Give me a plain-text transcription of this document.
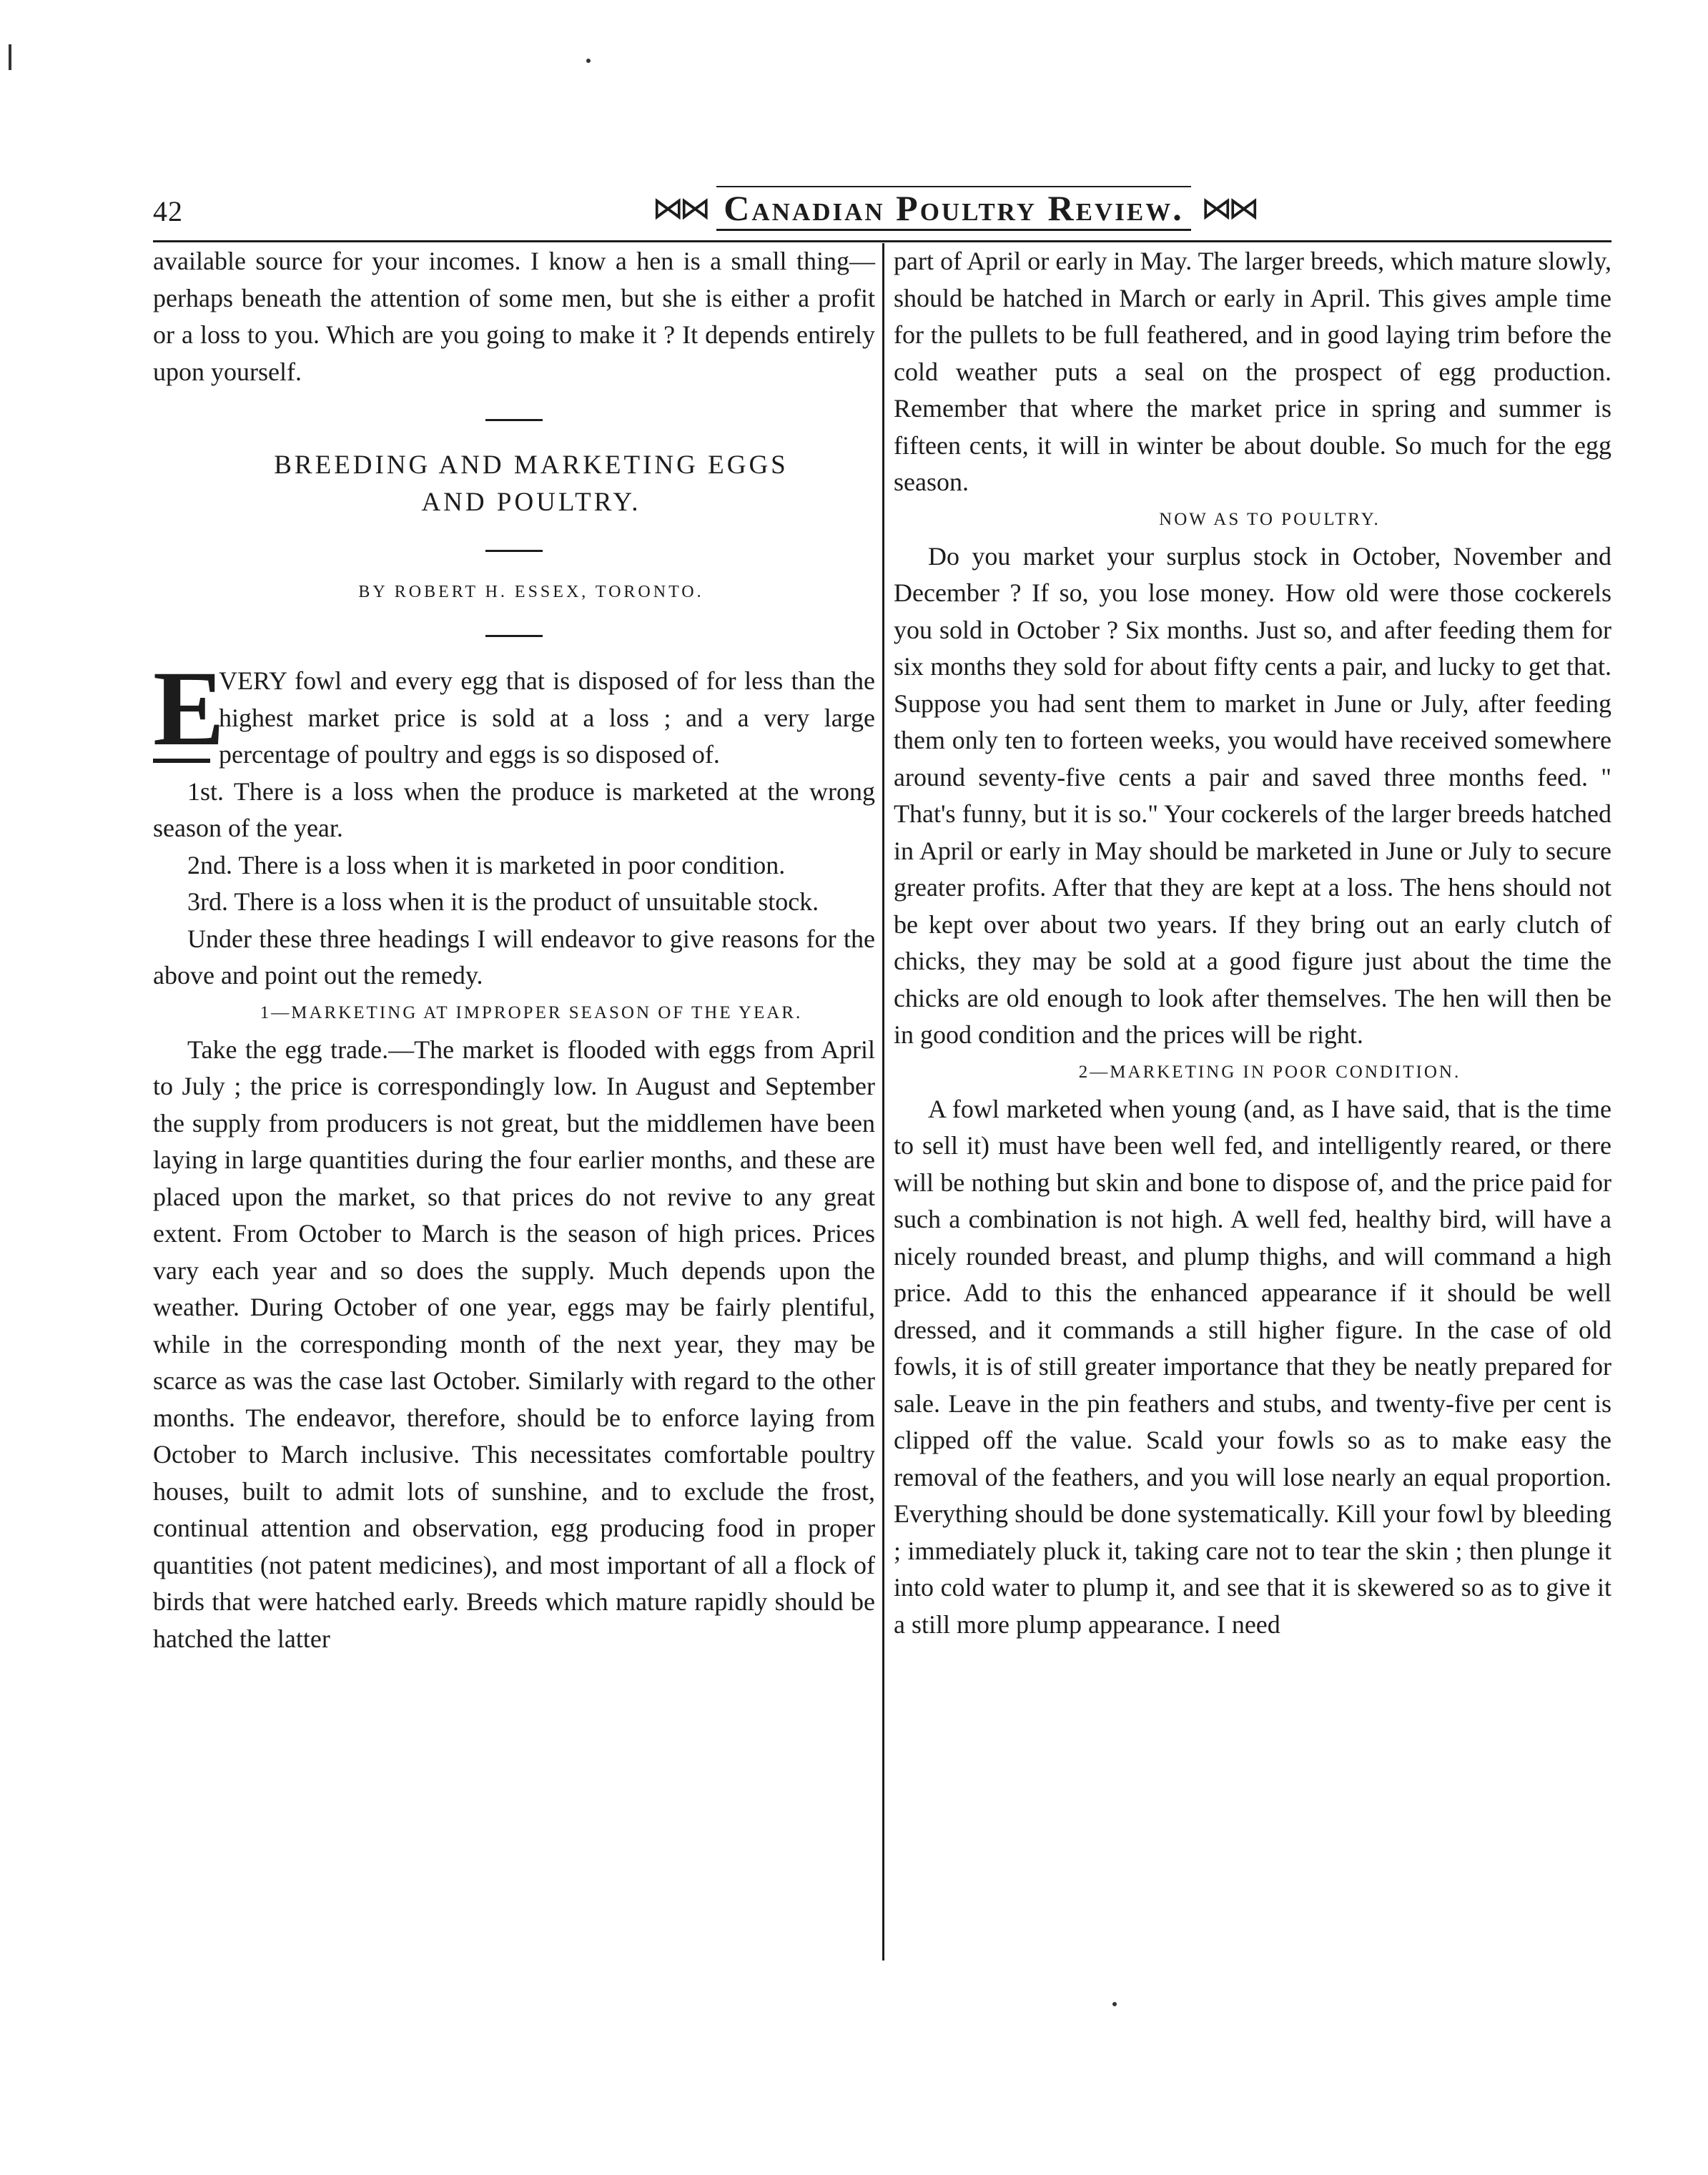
42	⋈⋈ Canadian Poultry Review. ⋈⋈

available source for your incomes. I know a hen is a small thing—perhaps beneath the attention of some men, but she is either a profit or a loss to you. Which are you going to make it ? It depends entirely upon yourself.

BREEDING AND MARKETING EGGS

AND POULTRY.

BY ROBERT H. ESSEX, TORONTO.

E
VERY fowl and every egg that is disposed of for less than the highest market price is sold at a loss ; and a very large percentage of poultry and eggs is so disposed of.

1st. There is a loss when the produce is marketed at the wrong season of the year.

2nd. There is a loss when it is marketed in poor condition.

3rd. There is a loss when it is the product of unsuitable stock.

Under these three headings I will endeavor to give reasons for the above and point out the remedy.

1—MARKETING AT IMPROPER SEASON OF THE YEAR.

Take the egg trade.—The market is flooded with eggs from April to July ; the price is correspondingly low. In August and September the supply from producers is not great, but the middlemen have been laying in large quantities during the four earlier months, and these are placed upon the market, so that prices do not revive to any great extent. From October to March is the season of high prices. Prices vary each year and so does the supply. Much depends upon the weather. During October of one year, eggs may be fairly plentiful, while in the corresponding month of the next year, they may be scarce as was the case last October. Similarly with regard to the other months. The endeavor, therefore, should be to enforce laying from October to March inclusive. This necessitates comfortable poultry houses, built to admit lots of sunshine, and to exclude the frost, continual attention and observation, egg producing food in proper quantities (not patent medicines), and most important of all a flock of birds that were hatched early. Breeds which mature rapidly should be hatched the latter

part of April or early in May. The larger breeds, which mature slowly, should be hatched in March or early in April. This gives ample time for the pullets to be full feathered, and in good laying trim before the cold weather puts a seal on the prospect of egg production. Remember that where the market price in spring and summer is fifteen cents, it will in winter be about double. So much for the egg season.

NOW AS TO POULTRY.

Do you market your surplus stock in October, November and December ? If so, you lose money. How old were those cockerels you sold in October ? Six months. Just so, and after feeding them for six months they sold for about fifty cents a pair, and lucky to get that. Suppose you had sent them to market in June or July, after feeding them only ten to forteen weeks, you would have received somewhere around seventy-five cents a pair and saved three months feed. " That's funny, but it is so." Your cockerels of the larger breeds hatched in April or early in May should be marketed in June or July to secure greater profits. After that they are kept at a loss. The hens should not be kept over about two years. If they bring out an early clutch of chicks, they may be sold at a good figure just about the time the chicks are old enough to look after themselves. The hen will then be in good condition and the prices will be right.

2—MARKETING IN POOR CONDITION.

A fowl marketed when young (and, as I have said, that is the time to sell it) must have been well fed, and intelligently reared, or there will be nothing but skin and bone to dispose of, and the price paid for such a combination is not high. A well fed, healthy bird, will have a nicely rounded breast, and plump thighs, and will command a high price. Add to this the enhanced appearance if it should be well dressed, and it commands a still higher figure. In the case of old fowls, it is of still greater importance that they be neatly prepared for sale. Leave in the pin feathers and stubs, and twenty-five per cent is clipped off the value. Scald your fowls so as to make easy the removal of the feathers, and you will lose nearly an equal proportion. Everything should be done systematically. Kill your fowl by bleeding ; immediately pluck it, taking care not to tear the skin ; then plunge it into cold water to plump it, and see that it is skewered so as to give it a still more plump appearance. I need
